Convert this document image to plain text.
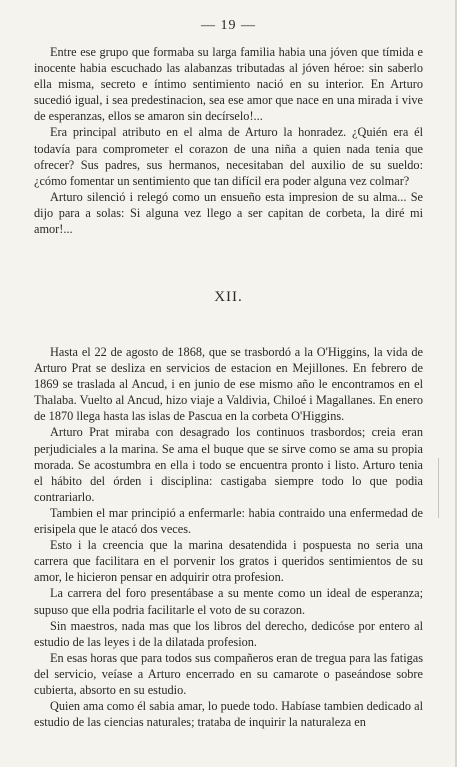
— 19 —

Entre ese grupo que formaba su larga familia habia una jóven que tímida e inocente habia escuchado las alabanzas tributadas al jóven héroe: sin saberlo ella misma, secreto e íntimo sentimiento nació en su interior. En Arturo sucedió igual, i sea predestinacion, sea ese amor que nace en una mirada i vive de esperanzas, ellos se amaron sin decírselo!...

Era principal atributo en el alma de Arturo la honradez. ¿Quién era él todavía para comprometer el corazon de una niña a quien nada tenia que ofrecer? Sus padres, sus hermanos, necesitaban del auxilio de su sueldo: ¿cómo fomentar un sentimiento que tan difícil era poder alguna vez colmar?

Arturo silenció i relegó como un ensueño esta impresion de su alma... Se dijo para a solas: Si alguna vez llego a ser capitan de corbeta, la diré mi amor!...

XII.

Hasta el 22 de agosto de 1868, que se trasbordó a la O'Higgins, la vida de Arturo Prat se desliza en servicios de estacion en Mejillones. En febrero de 1869 se traslada al Ancud, i en junio de ese mismo año le encontramos en el Thalaba. Vuelto al Ancud, hizo viaje a Valdivia, Chiloé i Magallanes. En enero de 1870 llega hasta las islas de Pascua en la corbeta O'Higgins.

Arturo Prat miraba con desagrado los continuos trasbordos; creia eran perjudiciales a la marina. Se ama el buque que se sirve como se ama su propia morada. Se acostumbra en ella i todo se encuentra pronto i listo. Arturo tenia el hábito del órden i disciplina: castigaba siempre todo lo que podia contrariarlo.

Tambien el mar principió a enfermarle: habia contraido una enfermedad de erisipela que le atacó dos veces.

Esto i la creencia que la marina desatendida i pospuesta no seria una carrera que facilitara en el porvenir los gratos i queridos sentimientos de su amor, le hicieron pensar en adquirir otra profesion.

La carrera del foro presentábase a su mente como un ideal de esperanza; supuso que ella podria facilitarle el voto de su corazon.

Sin maestros, nada mas que los libros del derecho, dedicóse por entero al estudio de las leyes i de la dilatada profesion.

En esas horas que para todos sus compañeros eran de tregua para las fatigas del servicio, veíase a Arturo encerrado en su camarote o paseándose sobre cubierta, absorto en su estudio.

Quien ama como él sabia amar, lo puede todo. Habíase tambien dedicado al estudio de las ciencias naturales; trataba de inquirir la naturaleza en
